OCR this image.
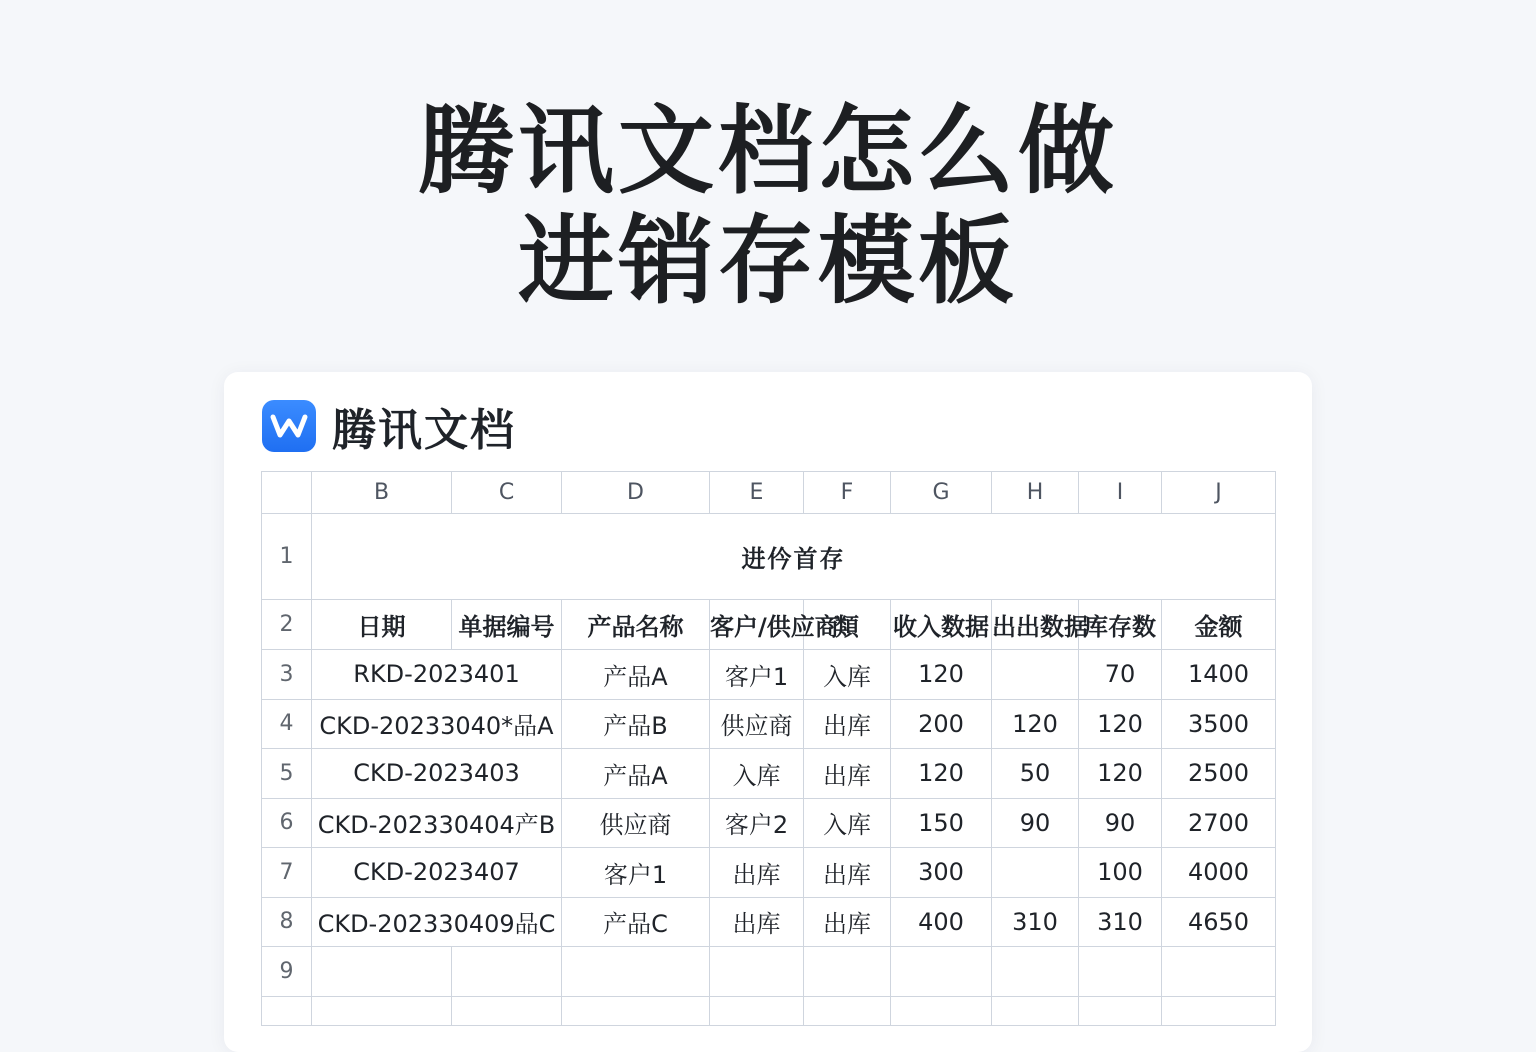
腾讯文档怎么做
进销存模板
腾讯文档
	B	C	D	E	F	G	H	I	J
1	进仱首存								
2	日期	单据编号	产品名称	客户/供应商	類	收入数据	出出数据	库存数	金额
3	RKD-2023401		产品A	客户1	入库	120		70	1400
4	CKD-20233040*品A		产品B	供应商	出库	200	120	120	3500
5	CKD-2023403		产品A	入库	出库	120	50	120	2500
6	CKD-202330404产B		供应商	客户2	入库	150	90	90	2700
7	CKD-2023407		客户1	出库	出库	300		100	4000
8	CKD-202330409品C		产品C	出库	出库	400	310	310	4650
9									
